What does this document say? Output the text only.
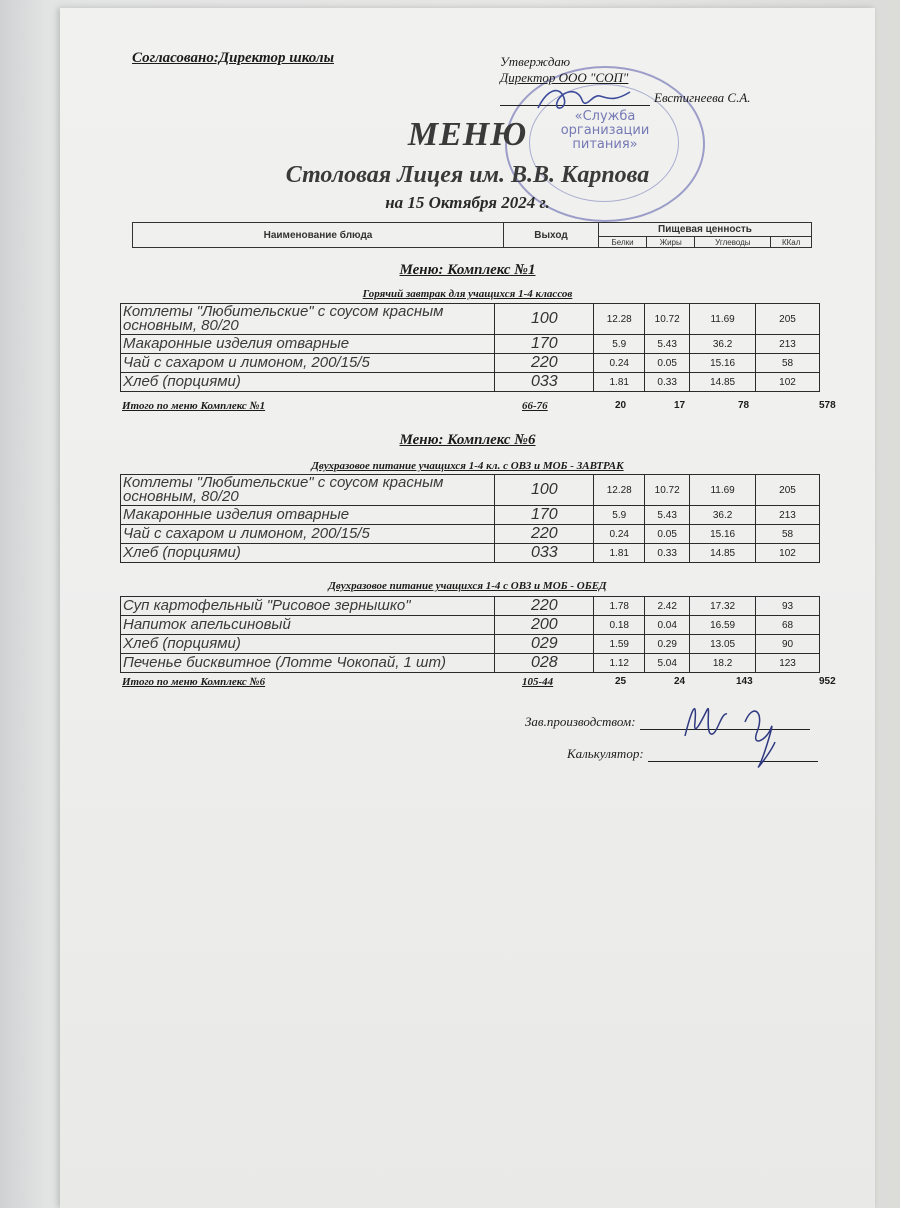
Согласовано:Директор школы
«Служба
организации
питания»
Утверждаю
Директор ООО "СОП"
Евстигнеева С.А.
МЕНЮ
Столовая Лицея им. В.В. Карпова
на 15 Октября 2024 г.
Наименование блюда	Выход	Пищевая ценность			
		Белки	Жиры	Углеводы	ККал
Меню: Комплекс №1
Горячий завтрак для учащихся 1-4 классов
Котлеты "Любительские" с соусом красным основным, 80/20	100	12.28	10.72	11.69	205
Макаронные изделия отварные	170	5.9	5.43	36.2	213
Чай с сахаром и лимоном, 200/15/5	220	0.24	0.05	15.16	58
Хлеб (порциями)	033	1.81	0.33	14.85	102
Итого по меню Комплекс №1	66-76	20	17	78	578
Меню: Комплекс №6
Двухразовое питание учащихся 1-4 кл. с ОВЗ и МОБ - ЗАВТРАК
Котлеты "Любительские" с соусом красным основным, 80/20	100	12.28	10.72	11.69	205
Макаронные изделия отварные	170	5.9	5.43	36.2	213
Чай с сахаром и лимоном, 200/15/5	220	0.24	0.05	15.16	58
Хлеб (порциями)	033	1.81	0.33	14.85	102
Двухразовое питание учащихся 1-4 с ОВЗ и МОБ - ОБЕД
Суп картофельный "Рисовое зернышко"	220	1.78	2.42	17.32	93
Напиток апельсиновый	200	0.18	0.04	16.59	68
Хлеб (порциями)	029	1.59	0.29	13.05	90
Печенье бисквитное (Лотте Чокопай, 1 шт)	028	1.12	5.04	18.2	123
Итого по меню Комплекс №6	105-44	25	24	143	952
Зав.производством:
Калькулятор:
